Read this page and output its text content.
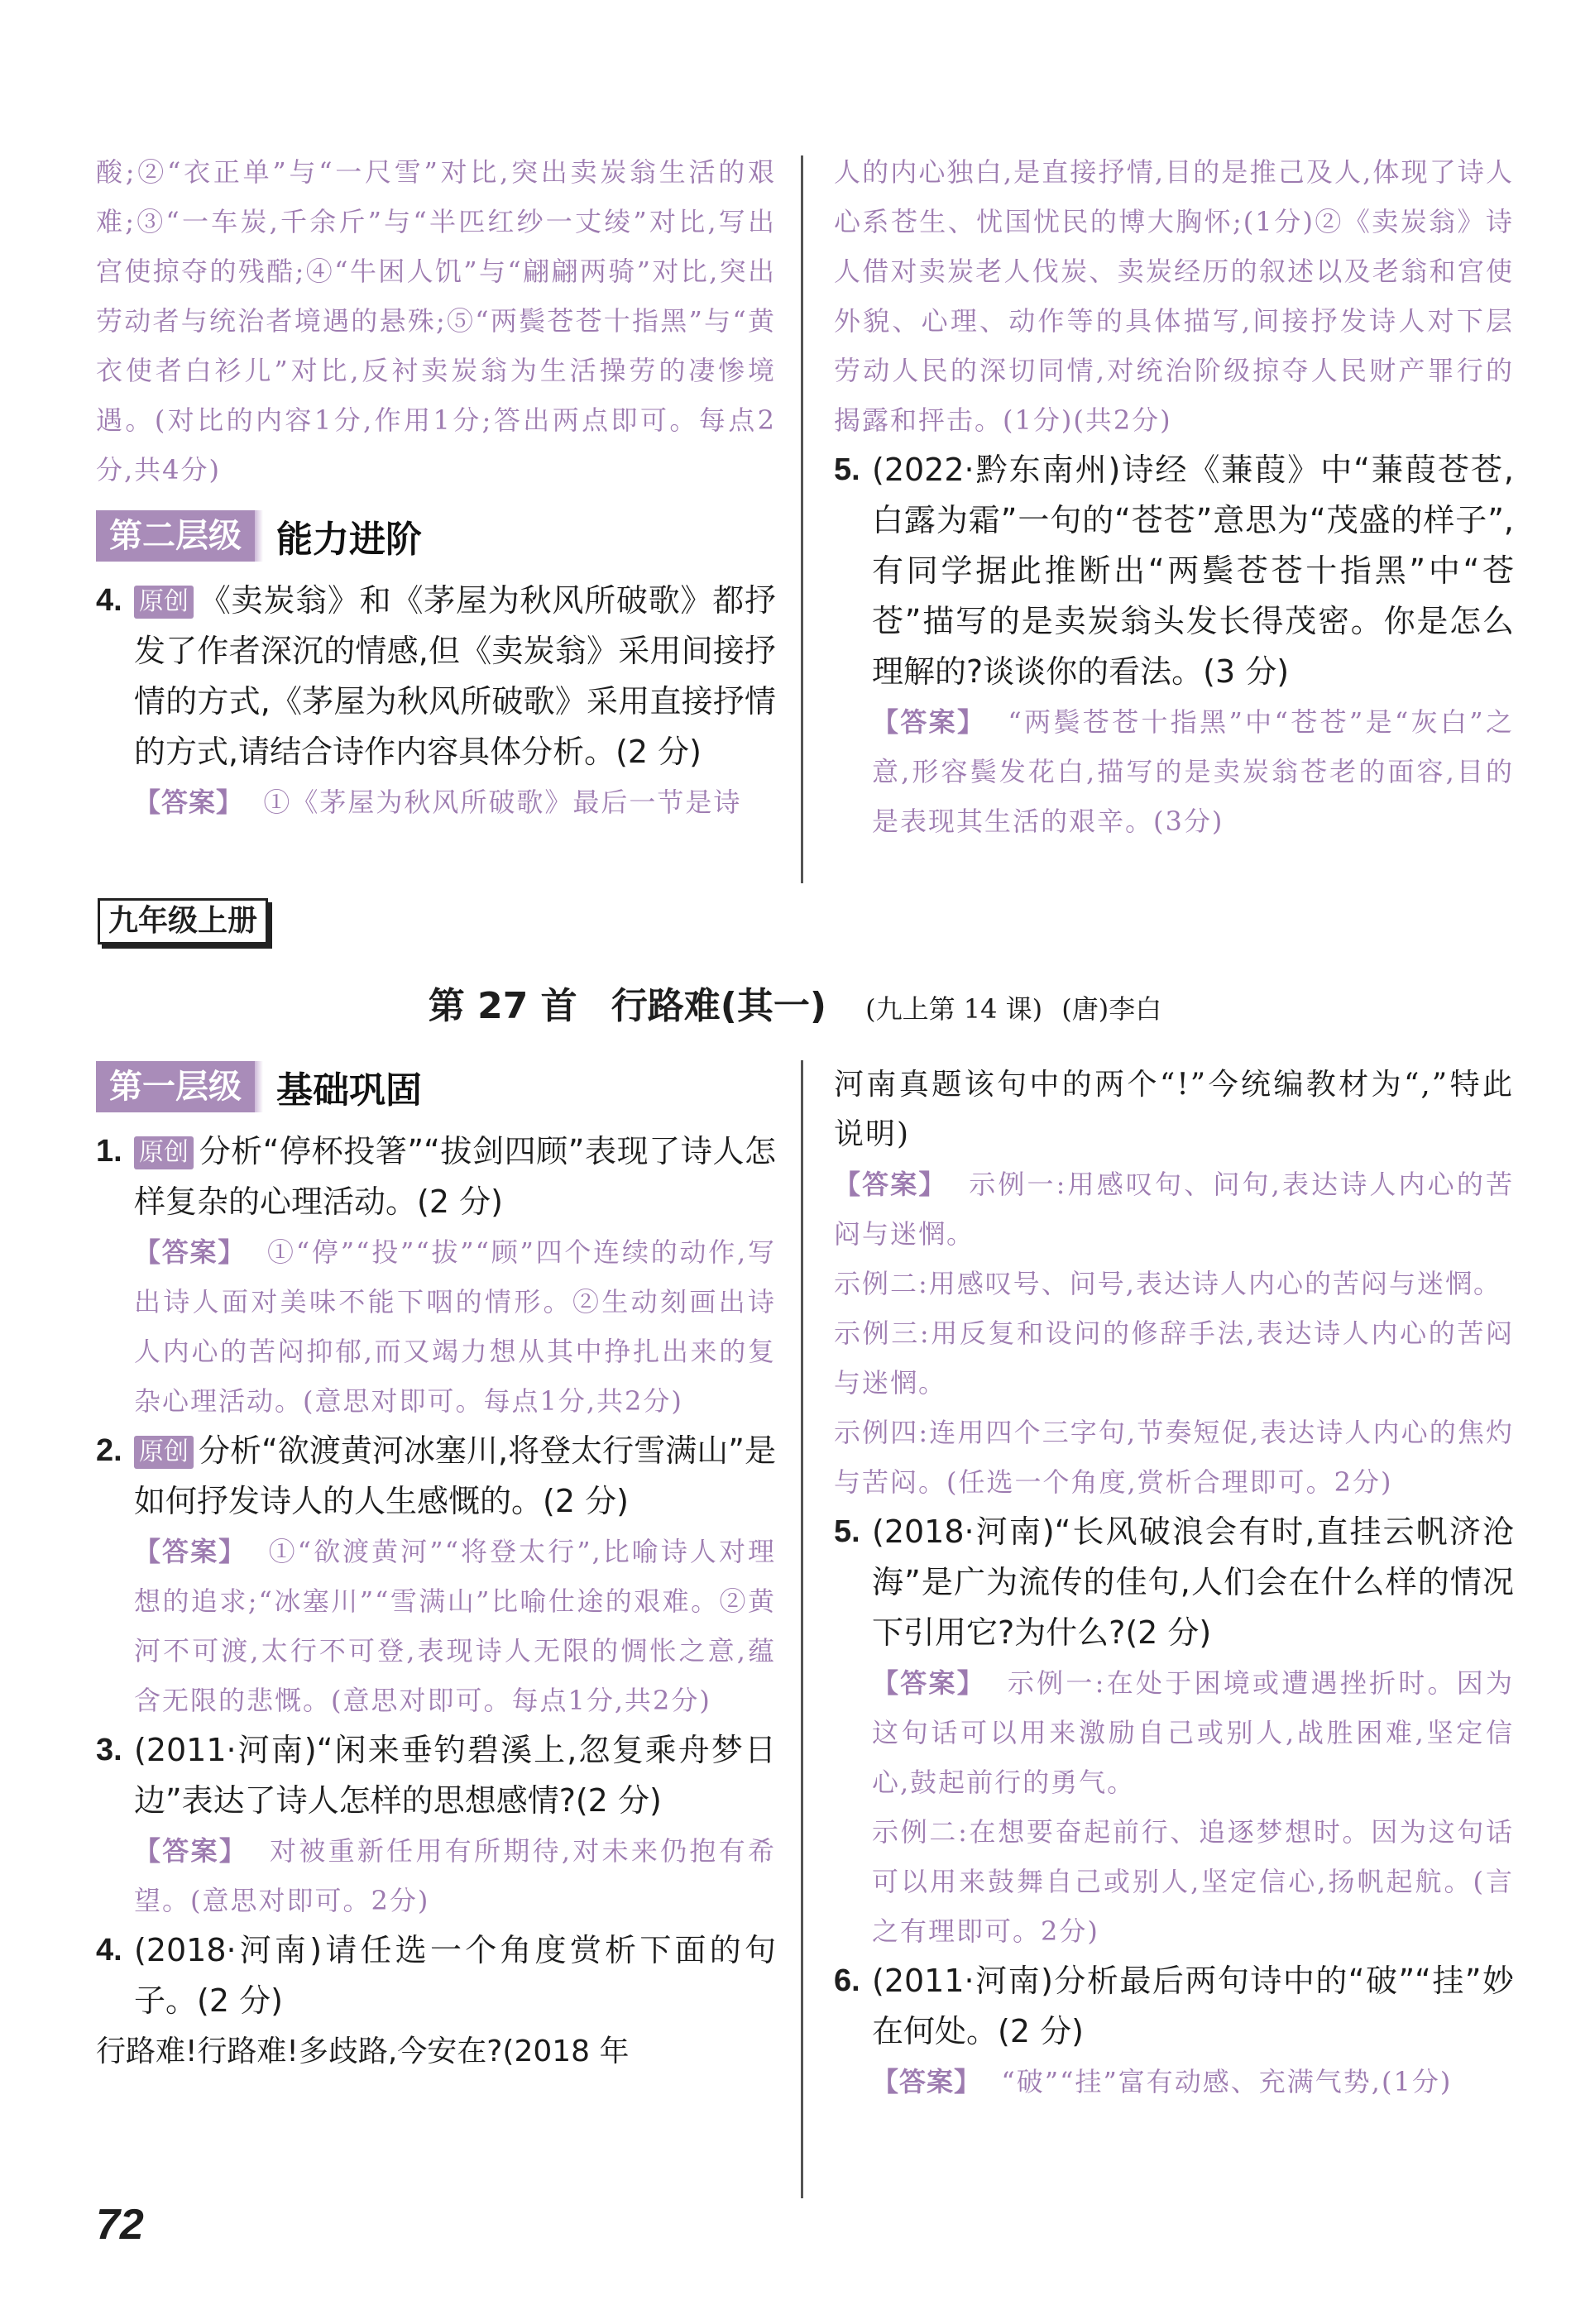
酸;②“衣正单”与“一尺雪”对比,突出卖炭翁生活的艰难;③“一车炭,千余斤”与“半匹红纱一丈绫”对比,写出宫使掠夺的残酷;④“牛困人饥”与“翩翩两骑”对比,突出劳动者与统治者境遇的悬殊;⑤“两鬓苍苍十指黑”与“黄衣使者白衫儿”对比,反衬卖炭翁为生活操劳的凄惨境遇。(对比的内容1分,作用1分;答出两点即可。每点2分,共4分)

第二层级 能力进阶
4. 原创 《卖炭翁》和《茅屋为秋风所破歌》都抒发了作者深沉的情感,但《卖炭翁》采用间接抒情的方式,《茅屋为秋风所破歌》采用直接抒情的方式,请结合诗作内容具体分析。(2 分)

【答案】 ①《茅屋为秋风所破歌》最后一节是诗

人的内心独白,是直接抒情,目的是推己及人,体现了诗人心系苍生、忧国忧民的博大胸怀;(1分)②《卖炭翁》诗人借对卖炭老人伐炭、卖炭经历的叙述以及老翁和宫使外貌、心理、动作等的具体描写,间接抒发诗人对下层劳动人民的深切同情,对统治阶级掠夺人民财产罪行的揭露和抨击。(1分)(共2分)

5. (2022·黔东南州)诗经《蒹葭》中“蒹葭苍苍,白露为霜”一句的“苍苍”意思为“茂盛的样子”,有同学据此推断出“两鬓苍苍十指黑”中“苍苍”描写的是卖炭翁头发长得茂密。你是怎么理解的?谈谈你的看法。(3 分)

【答案】 “两鬓苍苍十指黑”中“苍苍”是“灰白”之意,形容鬓发花白,描写的是卖炭翁苍老的面容,目的是表现其生活的艰辛。(3分)

九年级上册
第 27 首 行路难(其一) (九上第 14 课) (唐)李白
第一层级 基础巩固
1. 原创 分析“停杯投箸”“拔剑四顾”表现了诗人怎样复杂的心理活动。(2 分)

【答案】 ①“停”“投”“拔”“顾”四个连续的动作,写出诗人面对美味不能下咽的情形。②生动刻画出诗人内心的苦闷抑郁,而又竭力想从其中挣扎出来的复杂心理活动。(意思对即可。每点1分,共2分)

2. 原创 分析“欲渡黄河冰塞川,将登太行雪满山”是如何抒发诗人的人生感慨的。(2 分)

【答案】 ①“欲渡黄河”“将登太行”,比喻诗人对理想的追求;“冰塞川”“雪满山”比喻仕途的艰难。②黄河不可渡,太行不可登,表现诗人无限的惆怅之意,蕴含无限的悲慨。(意思对即可。每点1分,共2分)

3. (2011·河南)“闲来垂钓碧溪上,忽复乘舟梦日边”表达了诗人怎样的思想感情?(2 分)

【答案】 对被重新任用有所期待,对未来仍抱有希望。(意思对即可。2分)

4. (2018·河南)请任选一个角度赏析下面的句子。(2 分)

行路难!行路难!多歧路,今安在?(2018 年

河南真题该句中的两个“!”今统编教材为“,”特此说明)

【答案】 示例一:用感叹句、问句,表达诗人内心的苦闷与迷惘。

示例二:用感叹号、问号,表达诗人内心的苦闷与迷惘。

示例三:用反复和设问的修辞手法,表达诗人内心的苦闷与迷惘。

示例四:连用四个三字句,节奏短促,表达诗人内心的焦灼与苦闷。(任选一个角度,赏析合理即可。2分)

5. (2018·河南)“长风破浪会有时,直挂云帆济沧海”是广为流传的佳句,人们会在什么样的情况下引用它?为什么?(2 分)

【答案】 示例一:在处于困境或遭遇挫折时。因为这句话可以用来激励自己或别人,战胜困难,坚定信心,鼓起前行的勇气。

示例二:在想要奋起前行、追逐梦想时。因为这句话可以用来鼓舞自己或别人,坚定信心,扬帆起航。(言之有理即可。2分)

6. (2011·河南)分析最后两句诗中的“破”“挂”妙在何处。(2 分)

【答案】 “破”“挂”富有动感、充满气势,(1分)

72
